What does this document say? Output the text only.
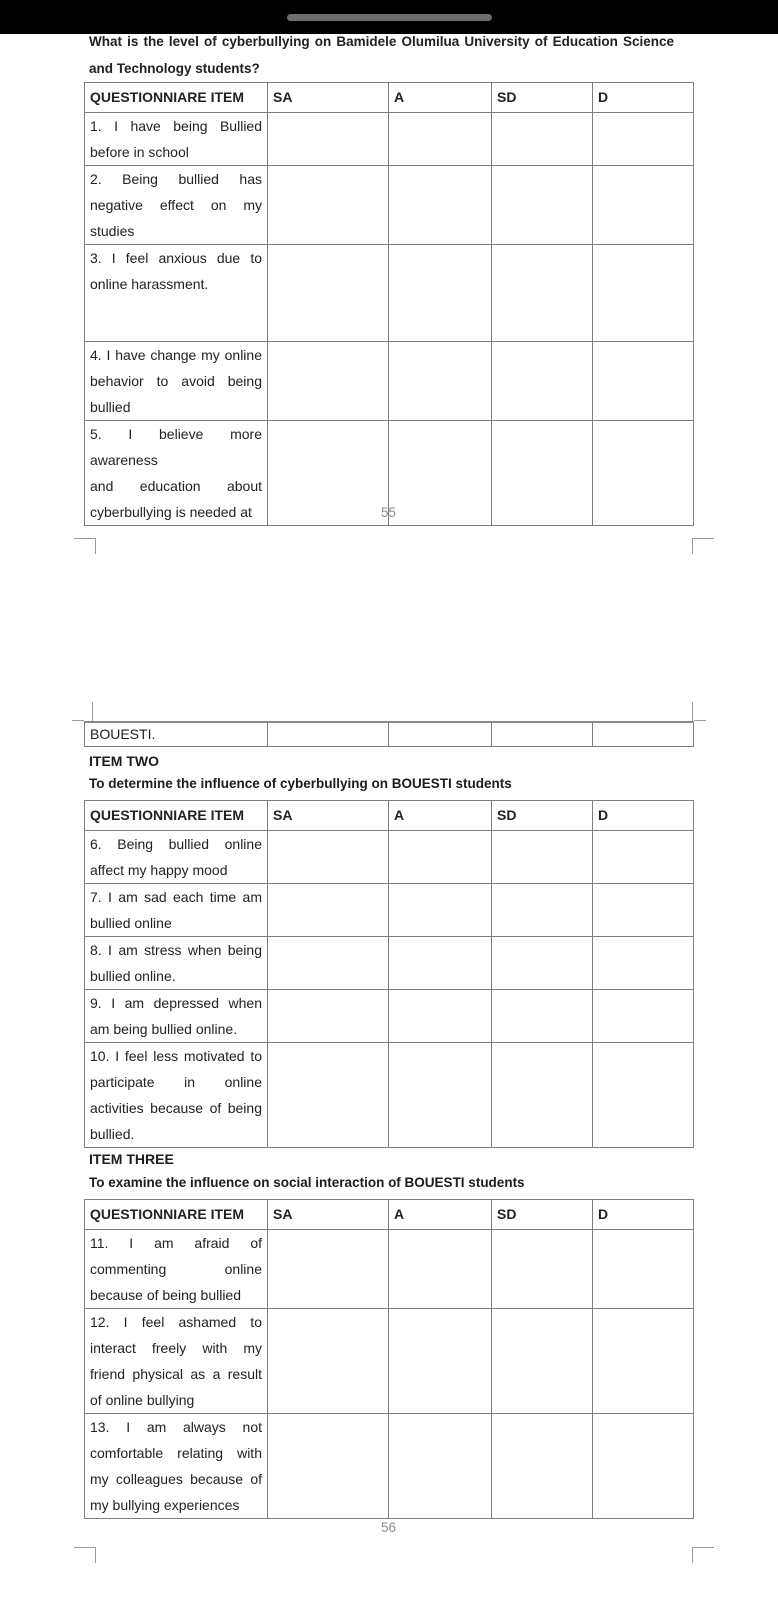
What is the level of cyberbullying on Bamidele Olumilua University of Education Science
and Technology students?
QUESTIONNIARE ITEM	SA	A	SD	D

1. I have being Bullied
before in school				

2. Being bullied has
negative effect on my
studies				

3. I feel anxious due to
online harassment.				

4. I have change my online
behavior to avoid being
bullied				

5. I believe more awareness
and education about
cyberbullying is needed at				
					55
BOUESTI.				
ITEM TWO
To determine the influence of cyberbullying on BOUESTI students
QUESTIONNIARE ITEM	SA	A	SD	D

6. Being bullied online
affect my happy mood				

7. I am sad each time am
bullied online				

8. I am stress when being
bullied online.				

9. I am depressed when
am being bullied online.				

10. I feel less motivated to
participate in online
activities because of being
bullied.				

ITEM THREE
To examine the influence on social interaction of BOUESTI students
QUESTIONNIARE ITEM	SA	A	SD	D

11. I am afraid of
commenting online
because of being bullied				

12. I feel ashamed to
interact freely with my
friend physical as a result
of online bullying				

13. I am always not
comfortable relating with
my colleagues because of
my bullying experiences				

56
